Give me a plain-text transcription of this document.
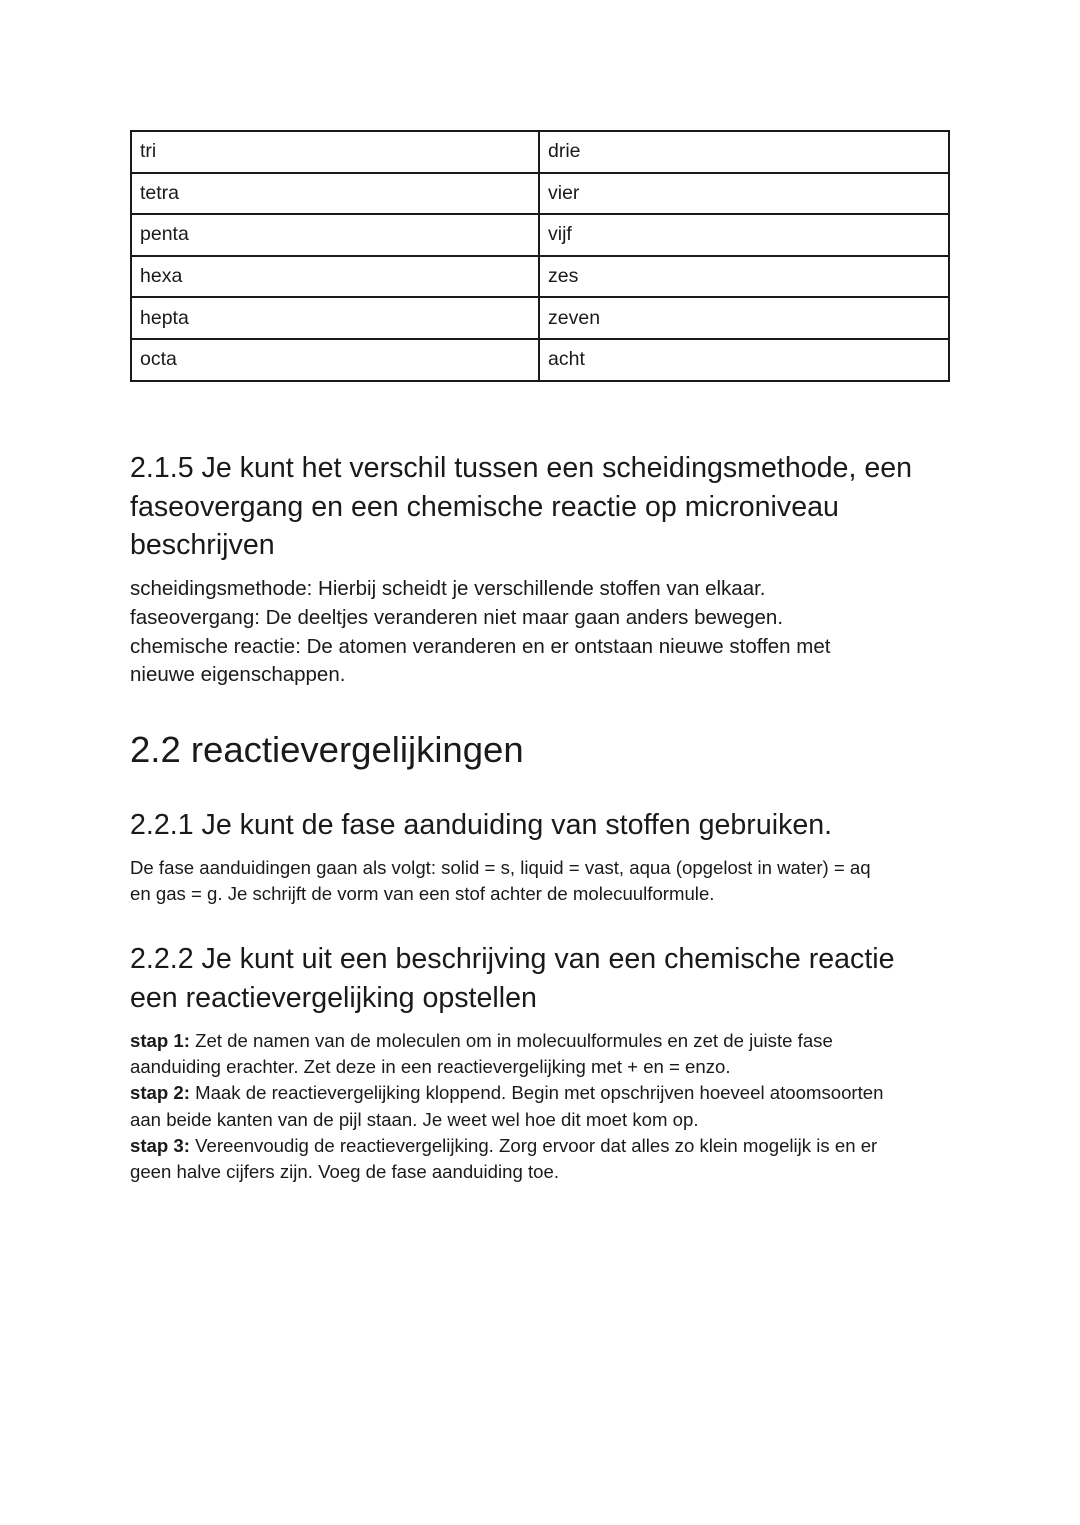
tri	drie
tetra	vier
penta	vijf
hexa	zes
hepta	zeven
octa	acht
2.1.5 Je kunt het verschil tussen een scheidingsmethode, een
faseovergang en een chemische reactie op microniveau
beschrijven

scheidingsmethode: Hierbij scheidt je verschillende stoffen van elkaar.

faseovergang: De deeltjes veranderen niet maar gaan anders bewegen.

chemische reactie: De atomen veranderen en er ontstaan nieuwe stoffen met

nieuwe eigenschappen.

2.2 reactievergelijkingen
2.2.1 Je kunt de fase aanduiding van stoffen gebruiken.

De fase aanduidingen gaan als volgt: solid = s, liquid = vast, aqua (opgelost in water) = aq

en gas = g. Je schrijft de vorm van een stof achter de molecuulformule.

2.2.2 Je kunt uit een beschrijving van een chemische reactie
een reactievergelijking opstellen

stap 1: Zet de namen van de moleculen om in molecuulformules en zet de juiste fase

aanduiding erachter. Zet deze in een reactievergelijking met + en = enzo.

stap 2: Maak de reactievergelijking kloppend. Begin met opschrijven hoeveel atoomsoorten

aan beide kanten van de pijl staan. Je weet wel hoe dit moet kom op.

stap 3: Vereenvoudig de reactievergelijking. Zorg ervoor dat alles zo klein mogelijk is en er

geen halve cijfers zijn. Voeg de fase aanduiding toe.
